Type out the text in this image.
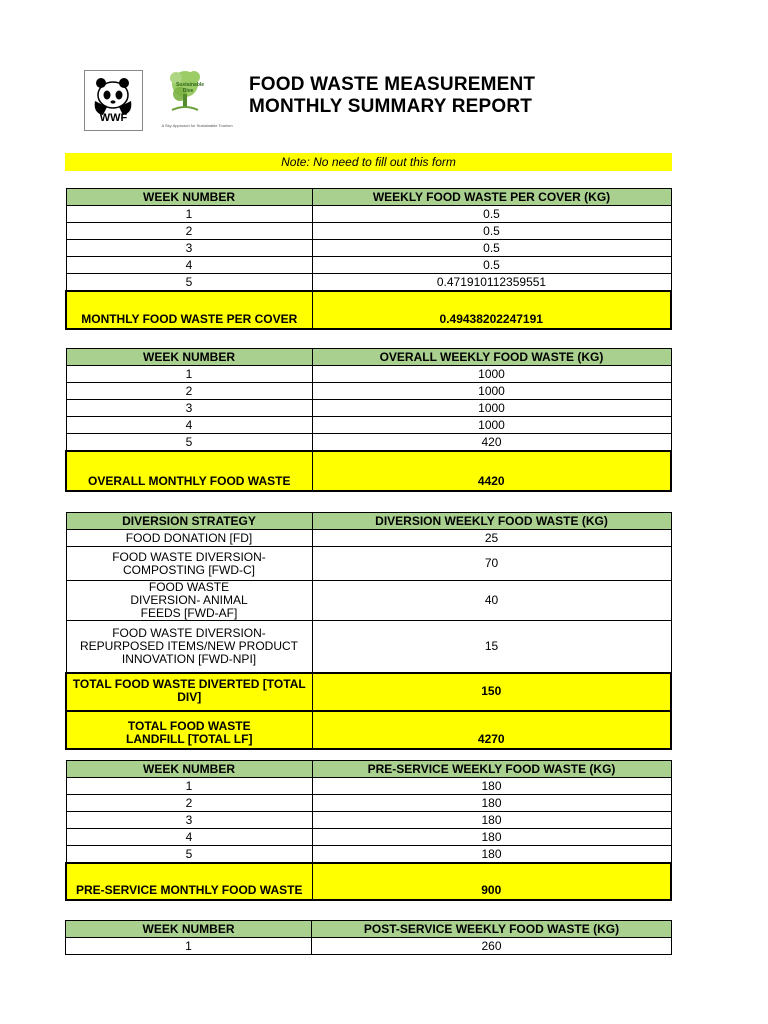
WWF
Sustainable Dive
A Sky Approach for Sustainable Tourism
FOOD WASTE MEASUREMENT
MONTHLY SUMMARY REPORT
Note: No need to fill out this form
WEEK NUMBER	WEEKLY FOOD WASTE PER COVER (KG)
1	0.5
2	0.5
3	0.5
4	0.5
5	0.471910112359551
MONTHLY FOOD WASTE PER COVER	0.49438202247191
WEEK NUMBER	OVERALL WEEKLY FOOD WASTE (KG)
1	1000
2	1000
3	1000
4	1000
5	420
OVERALL MONTHLY FOOD WASTE	4420
DIVERSION STRATEGY	DIVERSION WEEKLY FOOD WASTE (KG)
FOOD DONATION [FD]	25
FOOD WASTE DIVERSION- COMPOSTING [FWD-C]	70
FOOD WASTE DIVERSION- ANIMAL FEEDS [FWD-AF]	40
FOOD WASTE DIVERSION- REPURPOSED ITEMS/NEW PRODUCT INNOVATION [FWD-NPI]	15
TOTAL FOOD WASTE DIVERTED [TOTAL DIV]	150
TOTAL FOOD WASTE LANDFILL [TOTAL LF]	4270
WEEK NUMBER	PRE-SERVICE WEEKLY FOOD WASTE (KG)
1	180
2	180
3	180
4	180
5	180
PRE-SERVICE MONTHLY FOOD WASTE	900
WEEK NUMBER	POST-SERVICE WEEKLY FOOD WASTE (KG)
1	260
